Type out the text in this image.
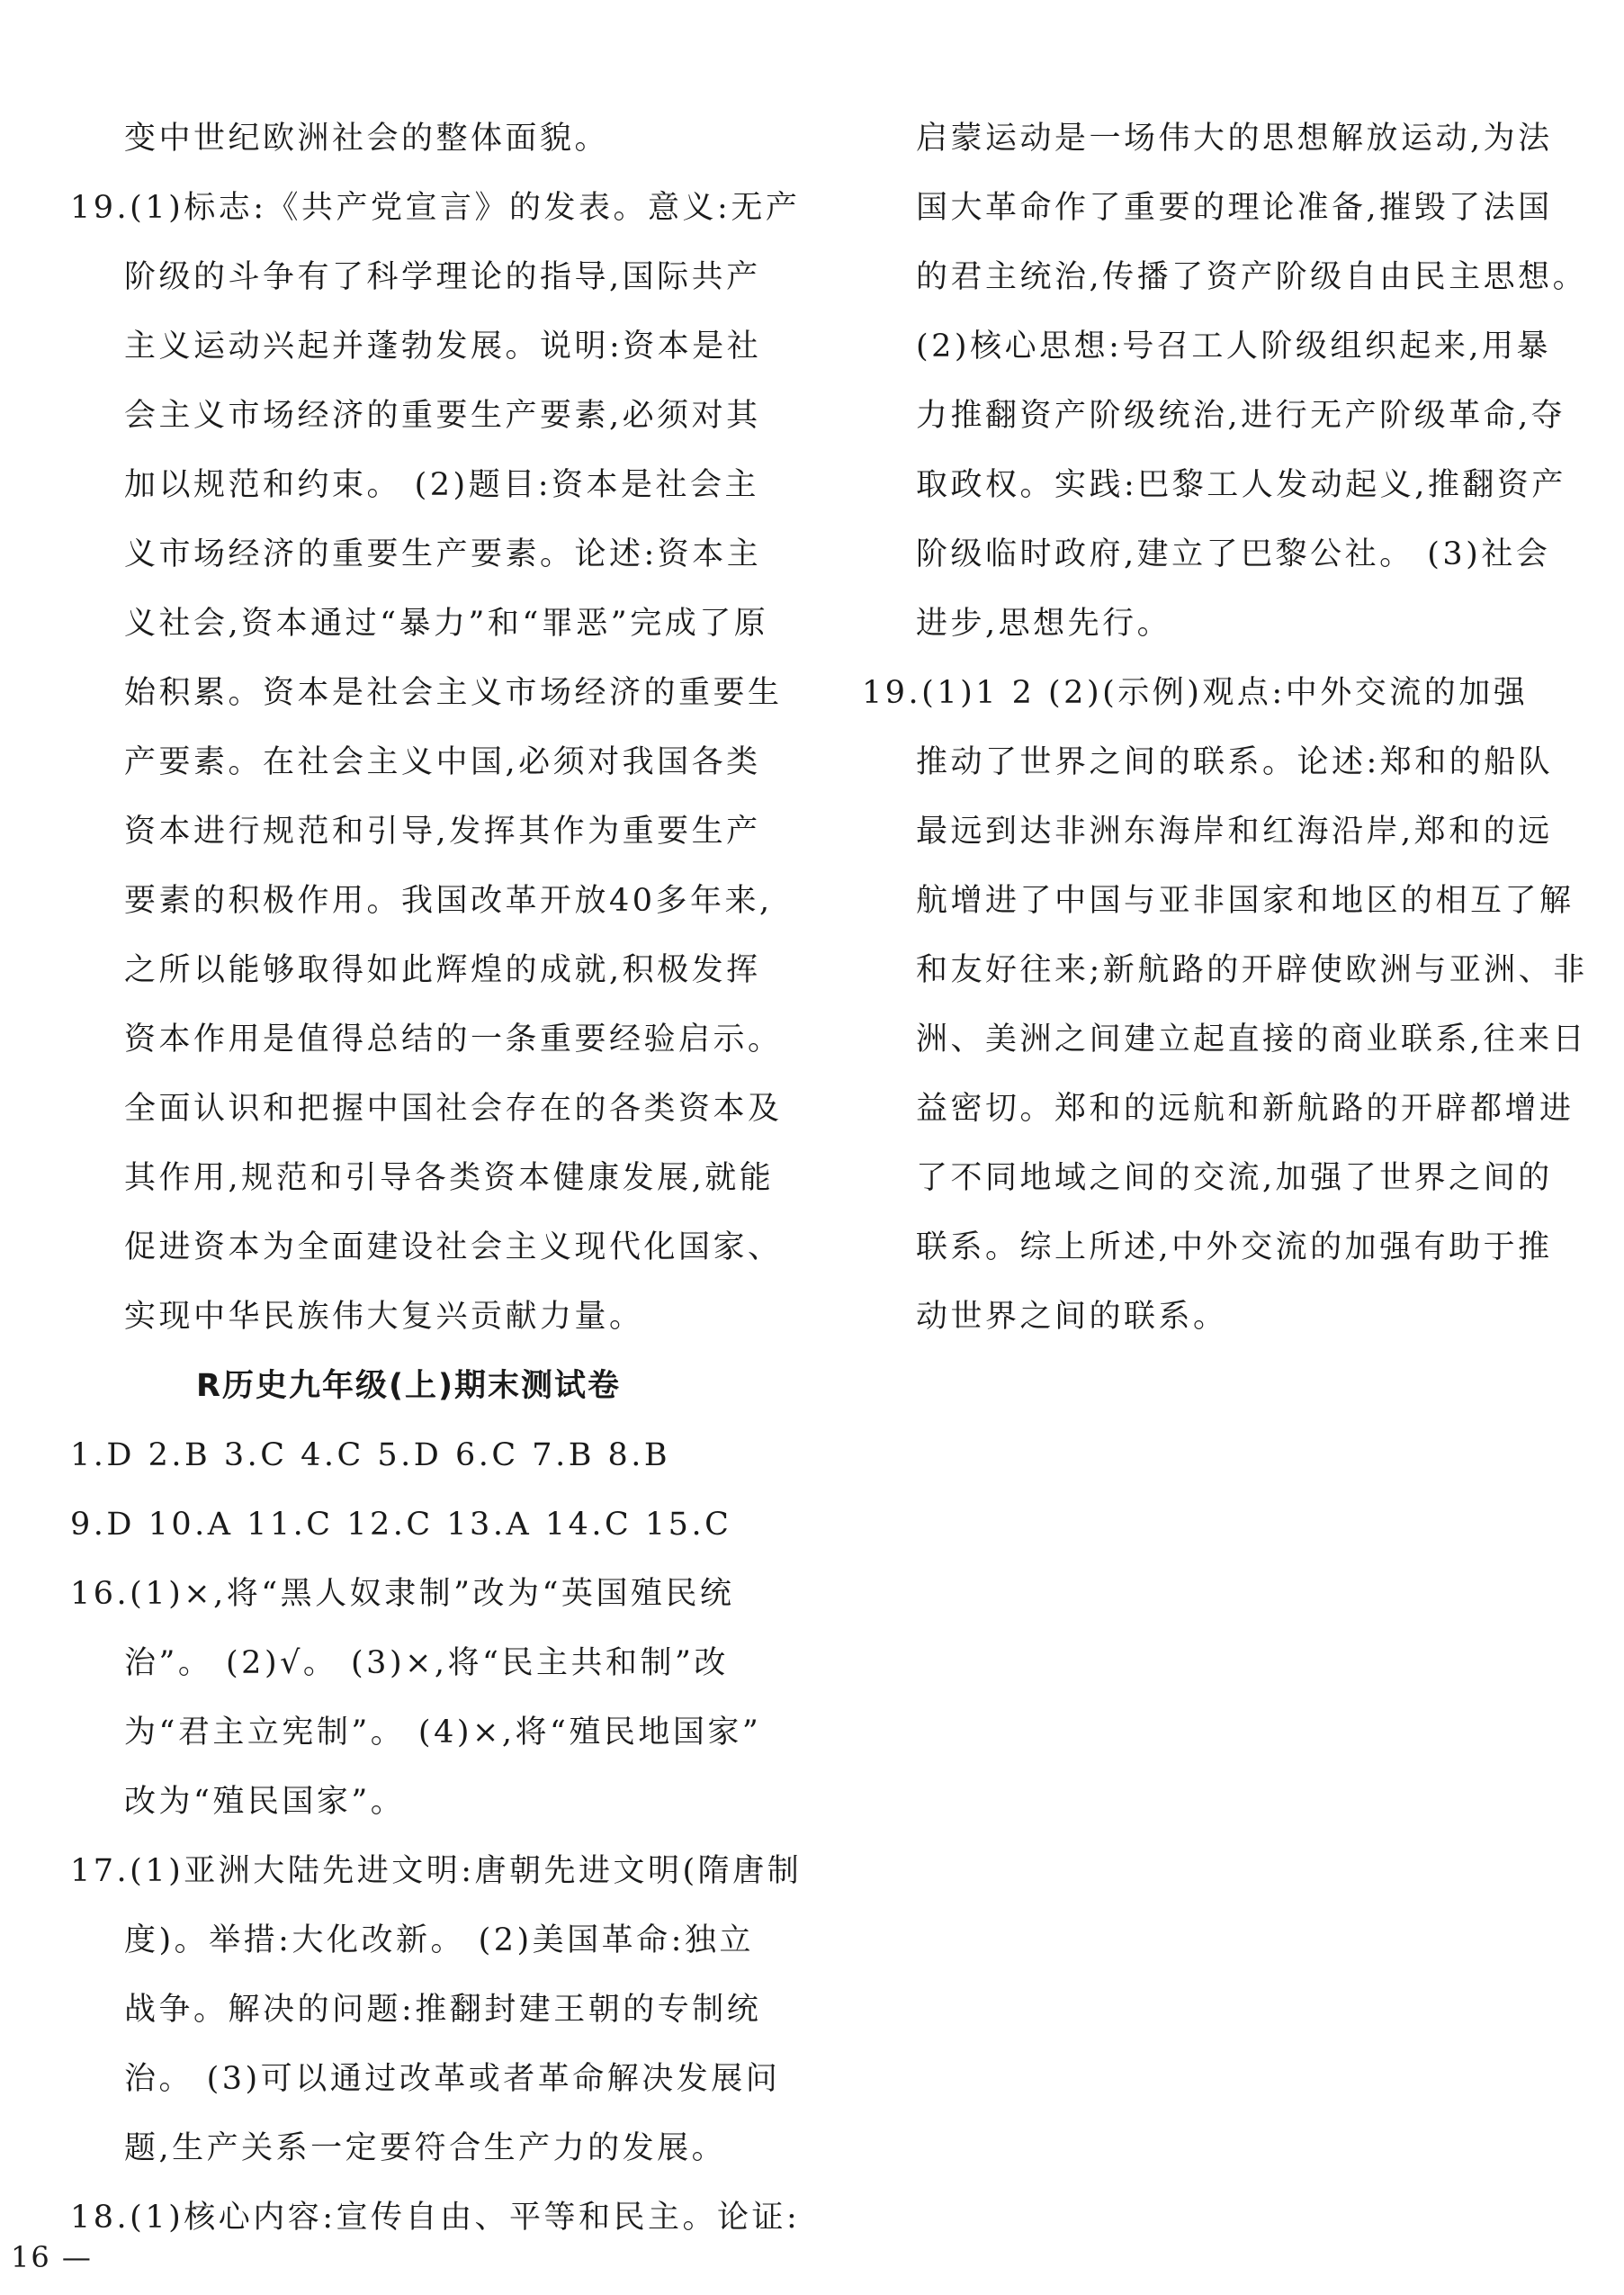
变中世纪欧洲社会的整体面貌。
19.(1)标志:《共产党宣言》的发表。意义:无产
阶级的斗争有了科学理论的指导,国际共产
主义运动兴起并蓬勃发展。说明:资本是社
会主义市场经济的重要生产要素,必须对其
加以规范和约束。 (2)题目:资本是社会主
义市场经济的重要生产要素。论述:资本主
义社会,资本通过“暴力”和“罪恶”完成了原
始积累。资本是社会主义市场经济的重要生
产要素。在社会主义中国,必须对我国各类
资本进行规范和引导,发挥其作为重要生产
要素的积极作用。我国改革开放40多年来,
之所以能够取得如此辉煌的成就,积极发挥
资本作用是值得总结的一条重要经验启示。
全面认识和把握中国社会存在的各类资本及
其作用,规范和引导各类资本健康发展,就能
促进资本为全面建设社会主义现代化国家、
实现中华民族伟大复兴贡献力量。
R历史九年级(上)期末测试卷
1.D 2.B 3.C 4.C 5.D 6.C 7.B 8.B
9.D 10.A 11.C 12.C 13.A 14.C 15.C
16.(1)×,将“黑人奴隶制”改为“英国殖民统
治”。 (2)√。 (3)×,将“民主共和制”改
为“君主立宪制”。 (4)×,将“殖民地国家”
改为“殖民国家”。
17.(1)亚洲大陆先进文明:唐朝先进文明(隋唐制
度)。举措:大化改新。 (2)美国革命:独立
战争。解决的问题:推翻封建王朝的专制统
治。 (3)可以通过改革或者革命解决发展问
题,生产关系一定要符合生产力的发展。
18.(1)核心内容:宣传自由、平等和民主。论证:
启蒙运动是一场伟大的思想解放运动,为法
国大革命作了重要的理论准备,摧毁了法国
的君主统治,传播了资产阶级自由民主思想。
(2)核心思想:号召工人阶级组织起来,用暴
力推翻资产阶级统治,进行无产阶级革命,夺
取政权。实践:巴黎工人发动起义,推翻资产
阶级临时政府,建立了巴黎公社。 (3)社会
进步,思想先行。
19.(1)1 2 (2)(示例)观点:中外交流的加强
推动了世界之间的联系。论述:郑和的船队
最远到达非洲东海岸和红海沿岸,郑和的远
航增进了中国与亚非国家和地区的相互了解
和友好往来;新航路的开辟使欧洲与亚洲、非
洲、美洲之间建立起直接的商业联系,往来日
益密切。郑和的远航和新航路的开辟都增进
了不同地域之间的交流,加强了世界之间的
联系。综上所述,中外交流的加强有助于推
动世界之间的联系。
16 —
